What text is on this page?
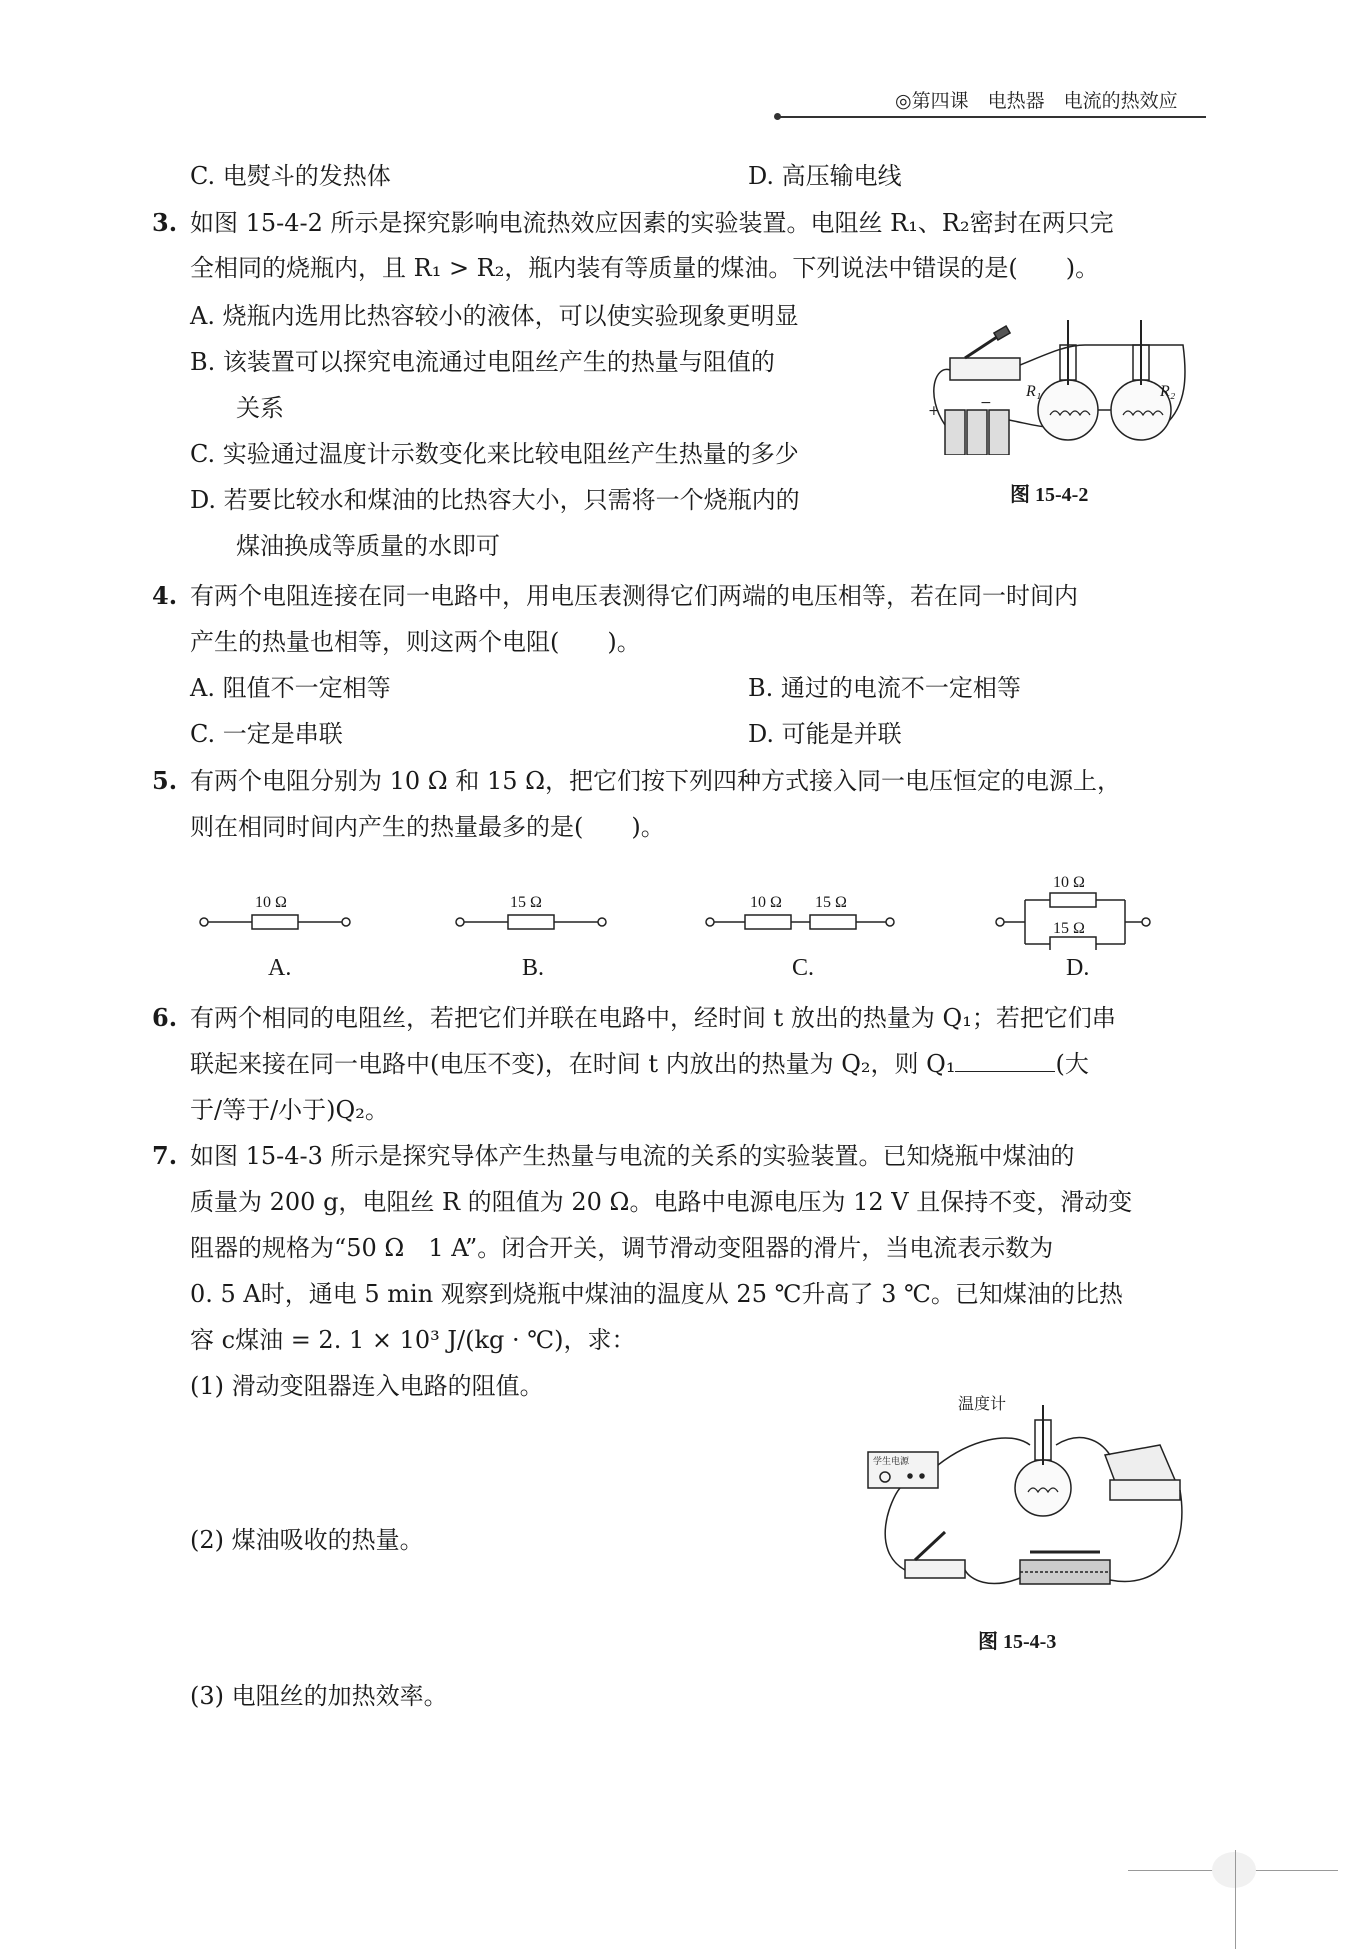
◎第四课　电热器　电流的热效应
C. 电熨斗的发热体	D. 高压输电线
3. 如图 15-4-2 所示是探究影响电流热效应因素的实验装置。电阻丝 R₁、R₂密封在两只完
全相同的烧瓶内，且 R₁ > R₂，瓶内装有等质量的煤油。下列说法中错误的是(　　)。
A. 烧瓶内选用比热容较小的液体，可以使实验现象更明显
B. 该装置可以探究电流通过电阻丝产生的热量与阻值的
关系
C. 实验通过温度计示数变化来比较电阻丝产生热量的多少
D. 若要比较水和煤油的比热容大小，只需将一个烧瓶内的
煤油换成等质量的水即可
+	−
R₁	R₂
图 15-4-2
4. 有两个电阻连接在同一电路中，用电压表测得它们两端的电压相等，若在同一时间内
产生的热量也相等，则这两个电阻(　　)。
A. 阻值不一定相等	B. 通过的电流不一定相等
C. 一定是串联	D. 可能是并联
5. 有两个电阻分别为 10 Ω 和 15 Ω，把它们按下列四种方式接入同一电压恒定的电源上，
则在相同时间内产生的热量最多的是(　　)。
10 Ω	15 Ω	10 Ω 15 Ω
10 Ω
15 Ω
A.	B.	C.	D.
6. 有两个相同的电阻丝，若把它们并联在电路中，经时间 t 放出的热量为 Q₁；若把它们串
联起来接在同一电路中(电压不变)，在时间 t 内放出的热量为 Q₂，则 Q₁	(大
于/等于/小于)Q₂。
7. 如图 15-4-3 所示是探究导体产生热量与电流的关系的实验装置。已知烧瓶中煤油的
质量为 200 g，电阻丝 R 的阻值为 20 Ω。电路中电源电压为 12 V 且保持不变，滑动变
阻器的规格为“50 Ω　1 A”。闭合开关，调节滑动变阻器的滑片，当电流表示数为
0. 5 A时，通电 5 min 观察到烧瓶中煤油的温度从 25 ℃升高了 3 ℃。已知煤油的比热
容 c煤油 = 2. 1 × 10³ J/(kg · ℃)，求：
(1) 滑动变阻器连入电路的阻值。
(2) 煤油吸收的热量。
(3) 电阻丝的加热效率。
温度计
学生电源
图 15-4-3
